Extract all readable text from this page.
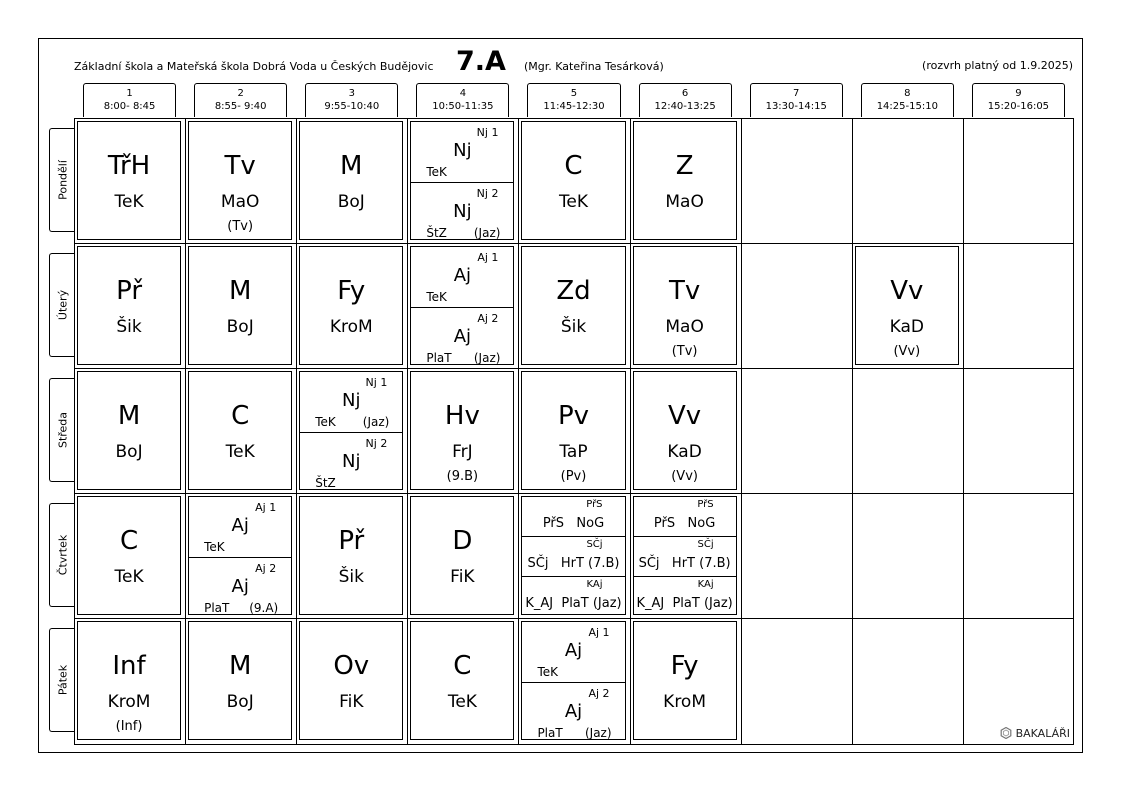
Základní škola a Mateřská škola Dobrá Voda u Českých Budějovic 7.A (Mgr. Kateřina Tesárková)	(rozvrh platný od 1.9.2025)
1
8:00- 8:45
2
8:55- 9:40
3
9:55-10:40
4
10:50-11:35
5
11:45-12:30
6
12:40-13:25
7
13:30-14:15
8
14:25-15:10
9
15:20-16:05
Pondělí
Úterý
Středa
Čtvrtek
Pátek
TřH
TeK
Tv
MaO
(Tv)
M
BoJ
Nj 1
Nj
TeK
Nj 2
Nj
ŠtZ (Jaz)
C
TeK
Z
MaO
Př
Šik
M
BoJ
Fy
KroM
Aj 1
Aj
TeK
Aj 2
Aj
PlaT (Jaz)
Zd
Šik
Tv
MaO
(Tv)
Vv
KaD
(Vv)
M
BoJ
C
TeK
Nj 1
Nj
TeK (Jaz)
Nj 2
Nj
ŠtZ
Hv
FrJ
(9.B)
Pv
TaP
(Pv)
Vv
KaD
(Vv)
C
TeK
Aj 1
Aj
TeK
Aj 2
Aj
PlaT (9.A)
Př
Šik
D
FiK
PřS
PřS   NoG
SČj
SČj   HrT (7.B)
KAj
K_AJ  PlaT (Jaz)
PřS
PřS   NoG
SČj
SČj   HrT (7.B)
KAj
K_AJ  PlaT (Jaz)
Inf
KroM
(Inf)
M
BoJ
Ov
FiK
C
TeK
Aj 1
Aj
TeK
Aj 2
Aj
PlaT (Jaz)
Fy
KroM
BAKALÁŘI
